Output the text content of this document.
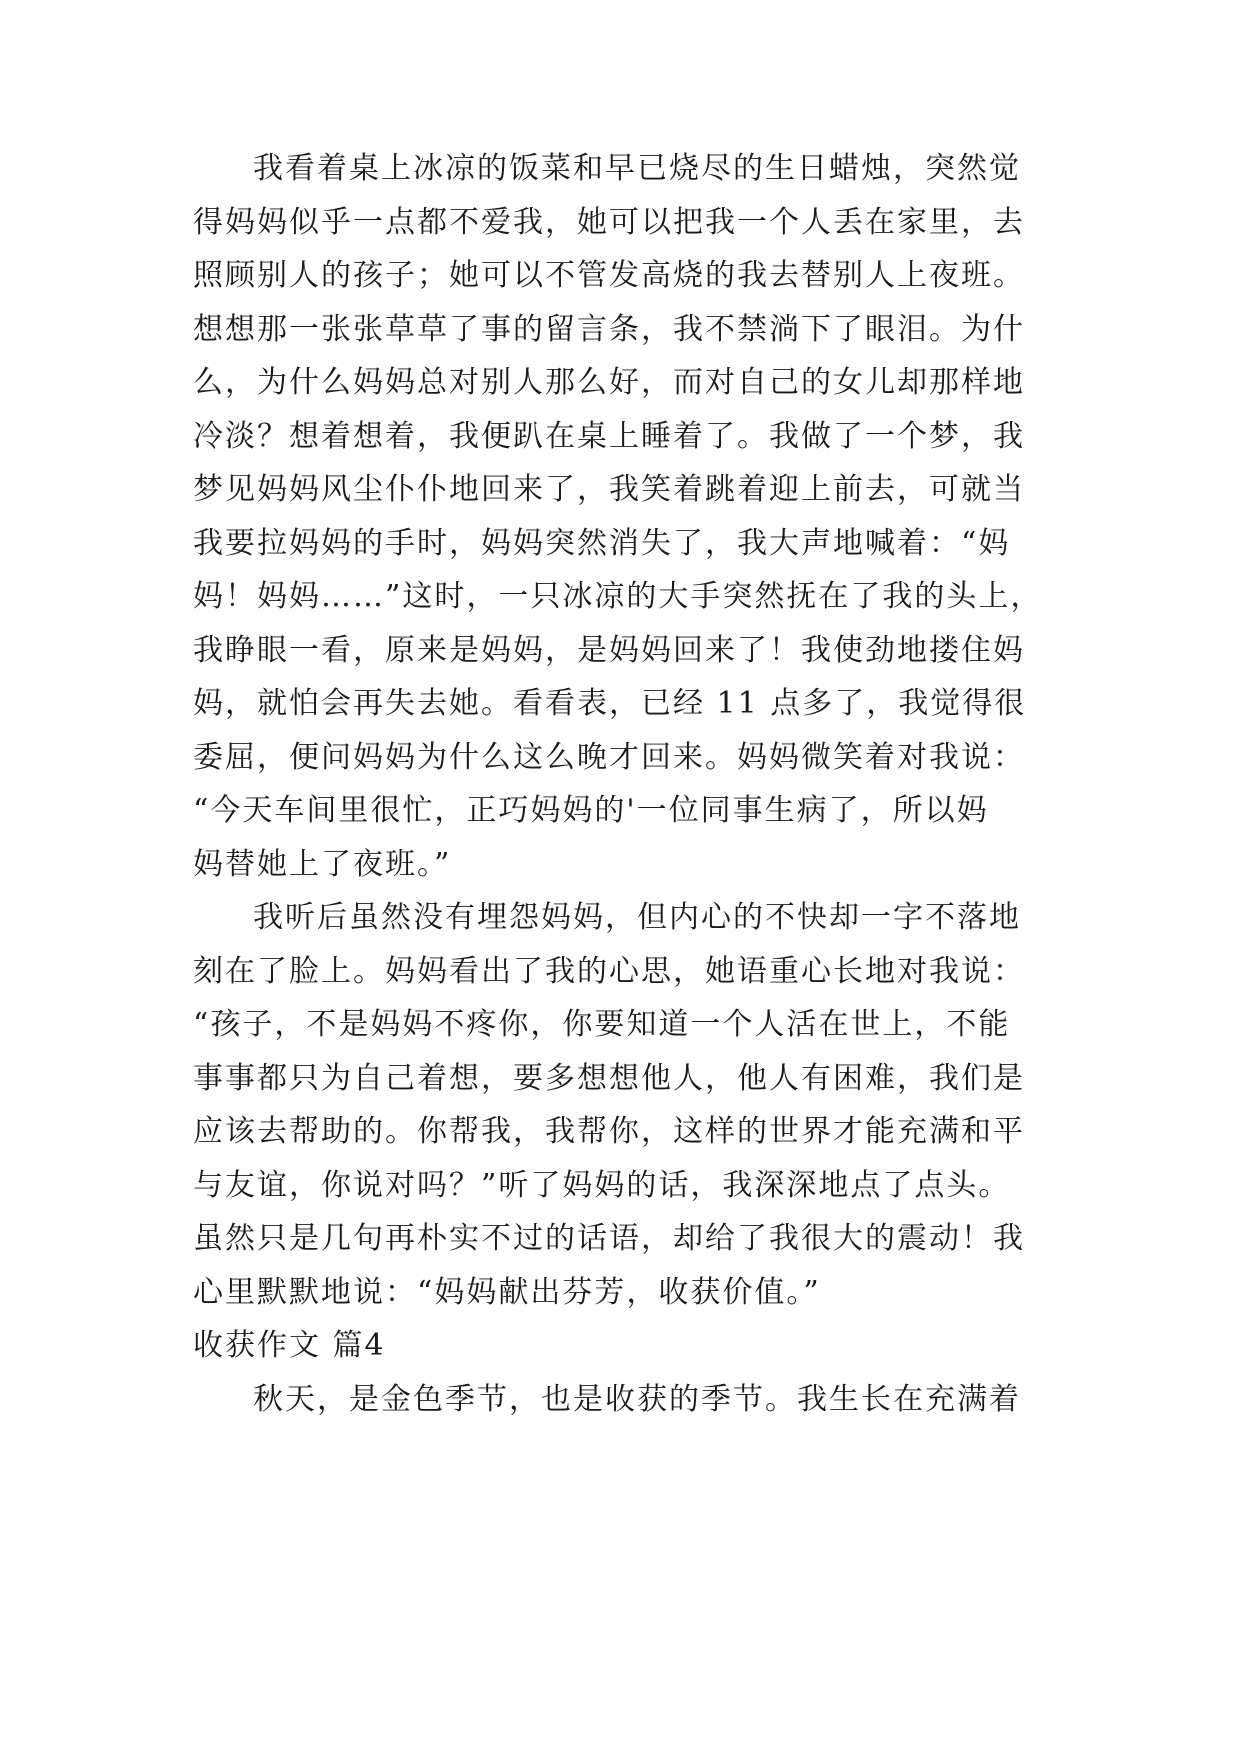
我看着桌上冰凉的饭菜和早已烧尽的生日蜡烛，突然觉
得妈妈似乎一点都不爱我，她可以把我一个人丢在家里，去
照顾别人的孩子；她可以不管发高烧的我去替别人上夜班。
想想那一张张草草了事的留言条，我不禁淌下了眼泪。为什
么，为什么妈妈总对别人那么好，而对自己的女儿却那样地
冷淡？想着想着，我便趴在桌上睡着了。我做了一个梦，我
梦见妈妈风尘仆仆地回来了，我笑着跳着迎上前去，可就当
我要拉妈妈的手时，妈妈突然消失了，我大声地喊着：“妈
妈！妈妈……”这时，一只冰凉的大手突然抚在了我的头上，
我睁眼一看，原来是妈妈，是妈妈回来了！我使劲地搂住妈
妈，就怕会再失去她。看看表，已经 11 点多了，我觉得很
委屈，便问妈妈为什么这么晚才回来。妈妈微笑着对我说：
“今天车间里很忙，正巧妈妈的'一位同事生病了，所以妈
妈替她上了夜班。”
我听后虽然没有埋怨妈妈，但内心的不快却一字不落地
刻在了脸上。妈妈看出了我的心思，她语重心长地对我说：
“孩子，不是妈妈不疼你，你要知道一个人活在世上，不能
事事都只为自己着想，要多想想他人，他人有困难，我们是
应该去帮助的。你帮我，我帮你，这样的世界才能充满和平
与友谊，你说对吗？”听了妈妈的话，我深深地点了点头。
虽然只是几句再朴实不过的话语，却给了我很大的震动！我
心里默默地说：“妈妈献出芬芳，收获价值。”
收获作文 篇4
秋天，是金色季节，也是收获的季节。我生长在充满着
